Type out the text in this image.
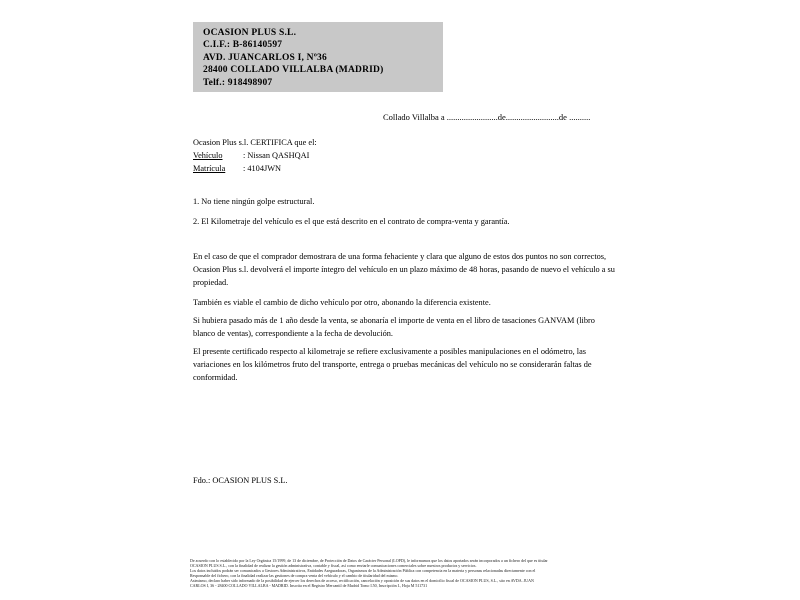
OCASION PLUS S.L.
C.I.F.: B-86140597
AVD. JUANCARLOS I, Nº36
28400 COLLADO VILLALBA (MADRID)
Telf.: 918498907
Collado Villalba a ........................de.........................de ..........
Ocasion Plus s.l. CERTIFICA que el:
Vehículo : Nissan QASHQAI
Matrícula : 4104JWN
1. No tiene ningún golpe estructural.
2. El Kilometraje del vehículo es el que está descrito en el contrato de compra-venta y garantía.
En el caso de que el comprador demostrara de una forma fehaciente y clara que alguno de estos dos puntos no son correctos, Ocasion Plus s.l. devolverá el importe íntegro del vehículo en un plazo máximo de 48 horas, pasando de nuevo el vehículo a su propiedad.
También es viable el cambio de dicho vehículo por otro, abonando la diferencia existente.
Si hubiera pasado más de 1 año desde la venta, se abonaría el importe de venta en el libro de tasaciones GANVAM (libro blanco de ventas), correspondiente a la fecha de devolución.
El presente certificado respecto al kilometraje se refiere exclusivamente a posibles manipulaciones en el odómetro, las variaciones en los kilómetros fruto del transporte, entrega o pruebas mecánicas del vehículo no se considerarán faltas de conformidad.
Fdo.: OCASION PLUS S.L.
De acuerdo con lo establecido por la Ley Orgánica 15/1999, de 13 de diciembre, de Protección de Datos de Carácter Personal (LOPD), le informamos que los datos aportados serán incorporados a un fichero del que es titular
OCASIÓN PLUS S.L., con la finalidad de realizar la gestión administrativa, contable y fiscal, así como enviarle comunicaciones comerciales sobre nuestros productos y servicios.
Los datos incluidos podrán ser comunicados a Gestores Administrativos, Entidades Aseguradoras, Organismos de la Administración Pública con competencia en la materia y personas relacionadas directamente con el
Responsable del fichero, con la finalidad realizar las gestiones de compra venta del vehículo y el cambio de titularidad del mismo.
Asimismo, declaro haber sido informado de la posibilidad de ejercer los derechos de acceso, rectificación, cancelación y oposición de sus datos en el domicilio fiscal de OCASIÓN PLUS, S.L., sito en AVDA. JUAN
CARLOS I, 36 - 28400 COLLADO VILLALBA - MADRID. Inscrita en el Registro Mercantil de Madrid Tomo I.50, Inscripción I., Hoja M 511731
